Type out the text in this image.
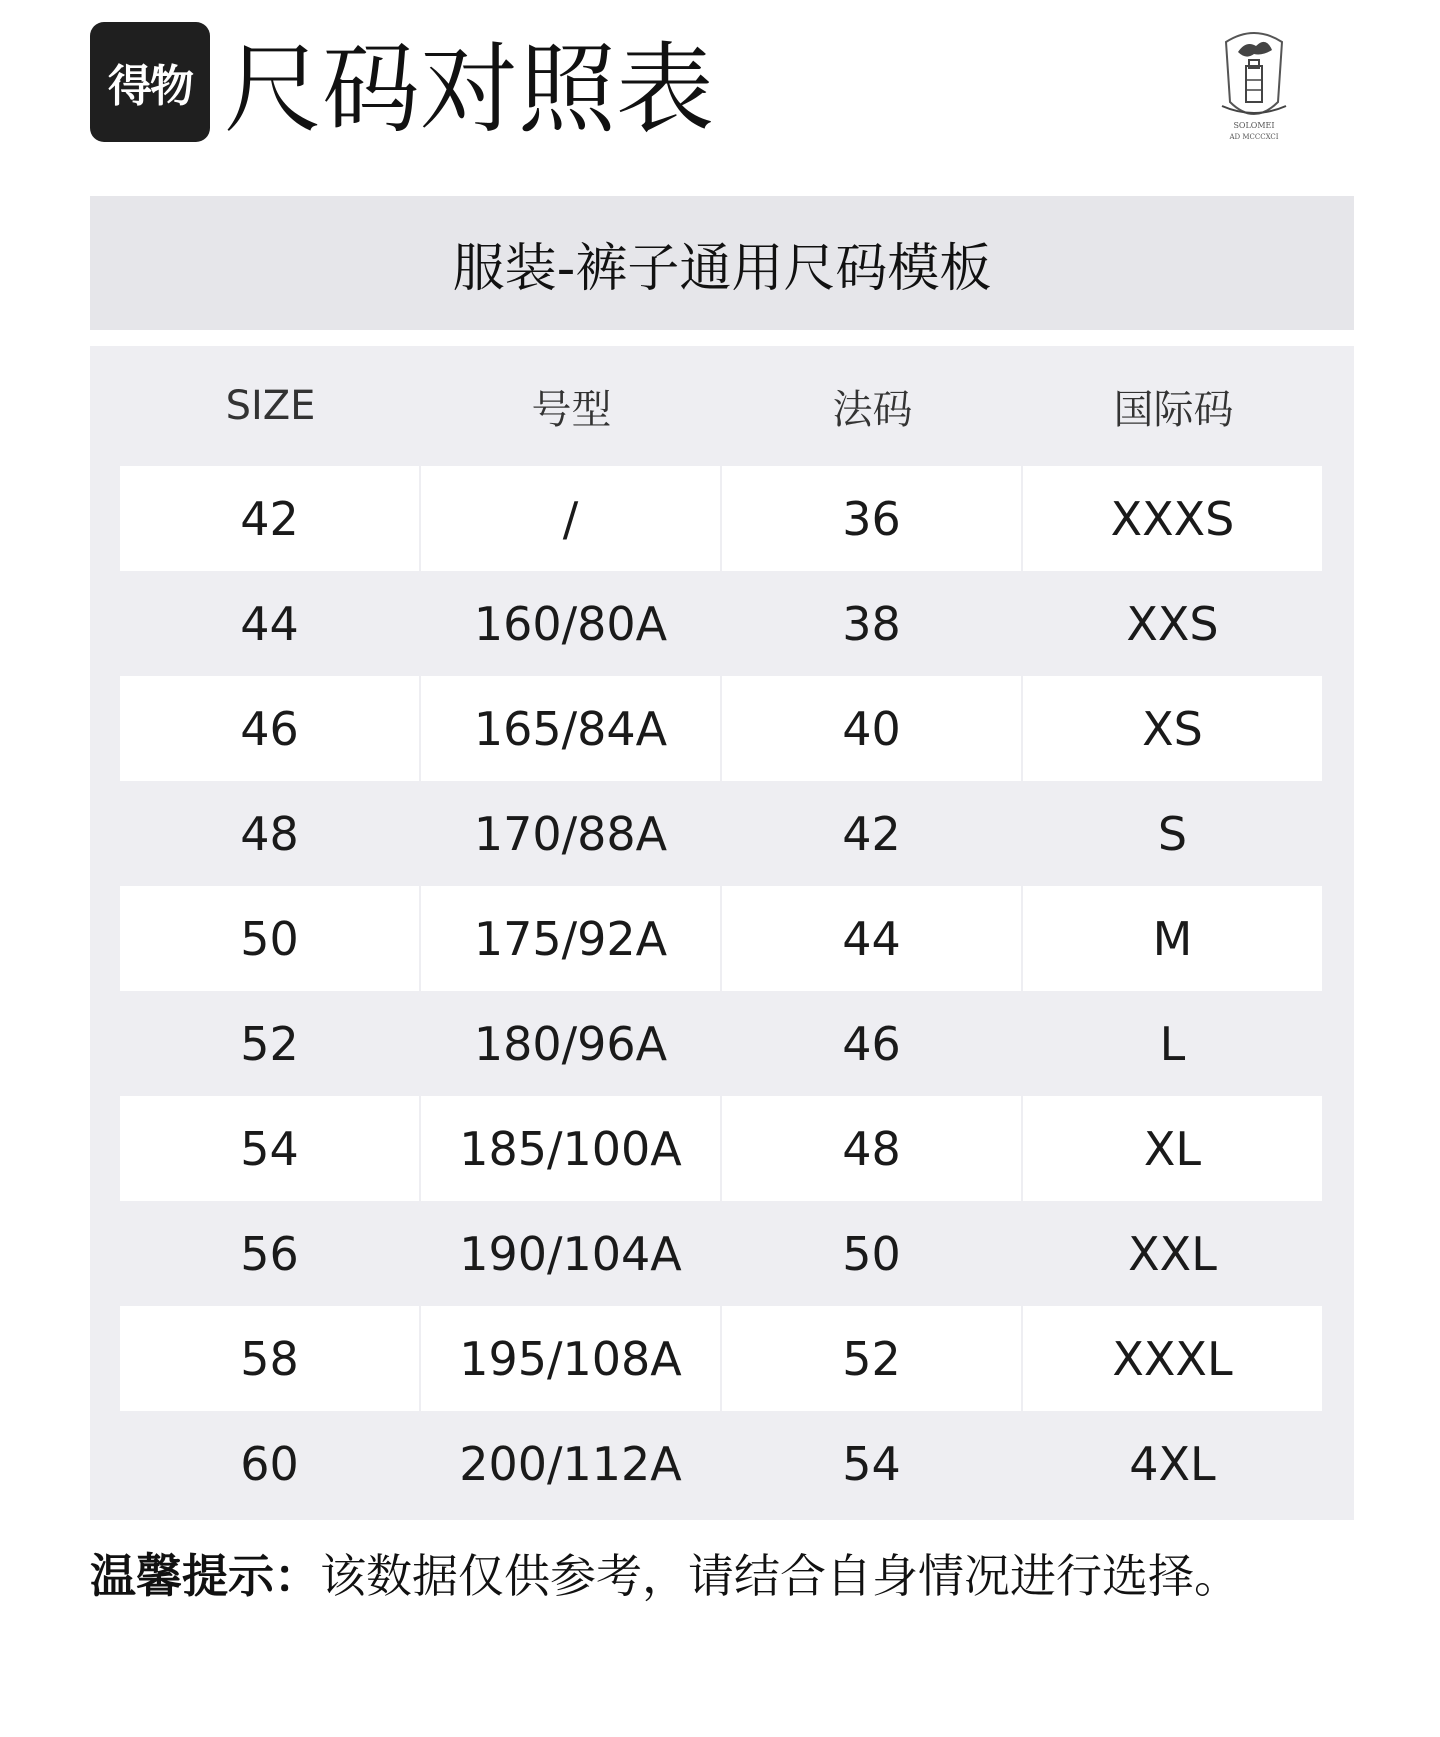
得物 尺码对照表	SOLOMEI
AD MCCCXCI
服装-裤子通用尺码模板
SIZE	号型	法码	国际码
42	/	36	XXXS
44	160/80A	38	XXS
46	165/84A	40	XS
48	170/88A	42	S
50	175/92A	44	M
52	180/96A	46	L
54	185/100A	48	XL
56	190/104A	50	XXL
58	195/108A	52	XXXL
60	200/112A	54	4XL
温馨提示：该数据仅供参考，请结合自身情况进行选择。
